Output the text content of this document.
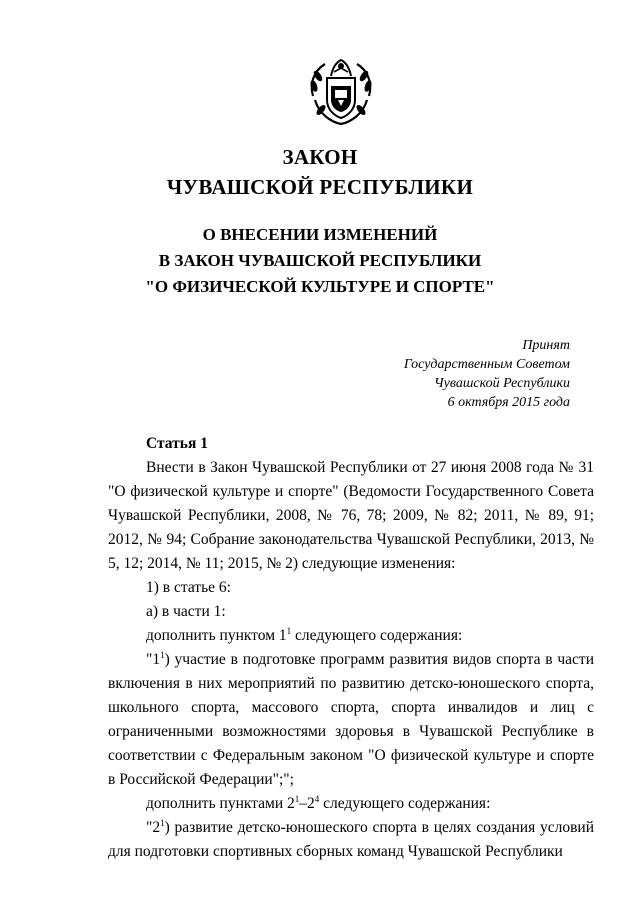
ЗАКОН
ЧУВАШСКОЙ РЕСПУБЛИКИ
О ВНЕСЕНИИ ИЗМЕНЕНИЙ
В ЗАКОН ЧУВАШСКОЙ РЕСПУБЛИКИ
"О ФИЗИЧЕСКОЙ КУЛЬТУРЕ И СПОРТЕ"
Принят
Государственным Советом
Чувашской Республики
6 октября 2015 года
Статья 1
Внести в Закон Чувашской Республики от 27 июня 2008 года № 31 "О физической культуре и спорте" (Ведомости Государственного Совета Чувашской Республики, 2008, № 76, 78; 2009, № 82; 2011, № 89, 91; 2012, № 94; Собрание законодательства Чувашской Республики, 2013, № 5, 12; 2014, № 11; 2015, № 2) следующие изменения:
1) в статье 6:
а) в части 1:
дополнить пунктом $1^1$ следующего содержания:
"$1^1$) участие в подготовке программ развития видов спорта в части включения в них мероприятий по развитию детско-юношеского спорта, школьного спорта, массового спорта, спорта инвалидов и лиц с ограниченными возможностями здоровья в Чувашской Республике в соответствии с Федеральным законом "О физической культуре и спорте в Российской Федерации";";
дополнить пунктами $2^1-2^4$ следующего содержания:
"$2^1$) развитие детско-юношеского спорта в целях создания условий для подготовки спортивных сборных команд Чувашской Республики
